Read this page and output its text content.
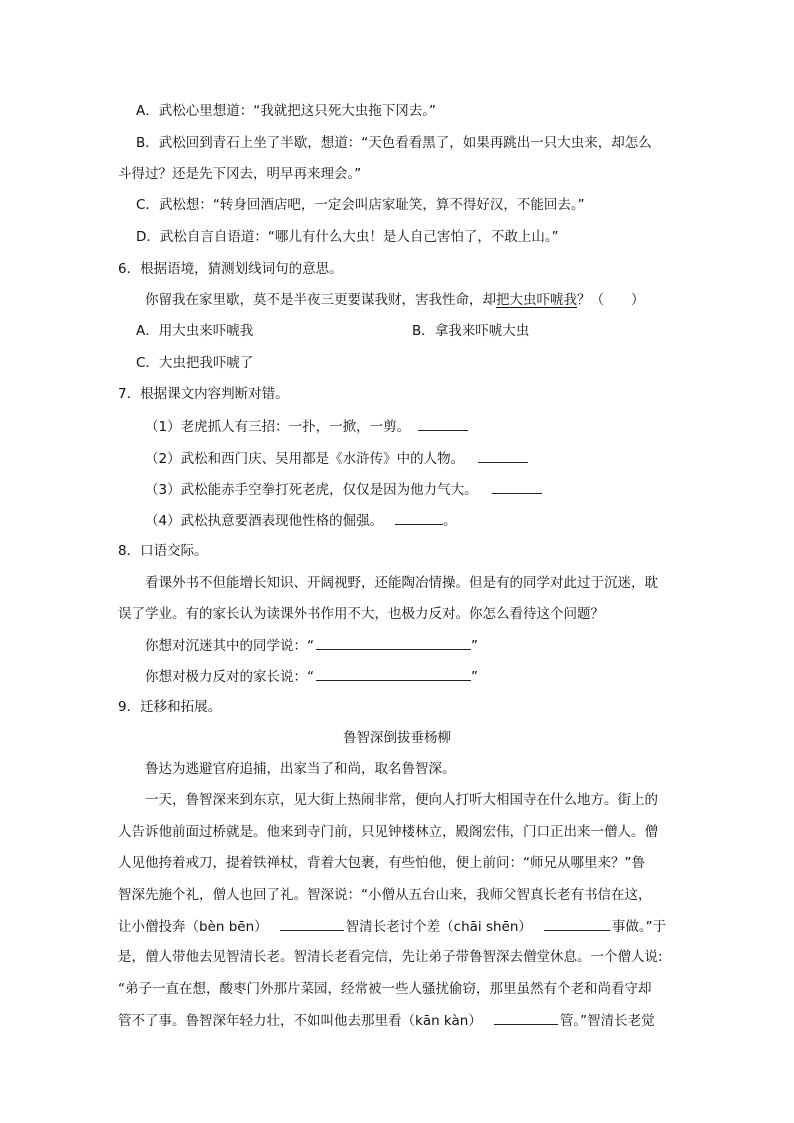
A．武松心里想道：“我就把这只死大虫拖下冈去。”
B．武松回到青石上坐了半歇，想道：“天色看看黑了，如果再跳出一只大虫来，却怎么
斗得过？还是先下冈去，明早再来理会。”
C．武松想：“转身回酒店吧，一定会叫店家耻笑，算不得好汉，不能回去。”
D．武松自言自语道：“哪儿有什么大虫！是人自己害怕了，不敢上山。”
6．根据语境，猜测划线词句的意思。
你留我在家里歇，莫不是半夜三更要谋我财，害我性命，却把大虫吓唬我？（　　）
A．用大虫来吓唬我	B．拿我来吓唬大虫
C．大虫把我吓唬了
7．根据课文内容判断对错。
（1）老虎抓人有三招：一扑，一掀，一剪。
（2）武松和西门庆、吴用都是《水浒传》中的人物。
（3）武松能赤手空拳打死老虎，仅仅是因为他力气大。
（4）武松执意要酒表现他性格的倔强。	。
8．口语交际。
看课外书不但能增长知识、开阔视野，还能陶冶情操。但是有的同学对此过于沉迷，耽
误了学业。有的家长认为读课外书作用不大，也极力反对。你怎么看待这个问题？
你想对沉迷其中的同学说：“	”
你想对极力反对的家长说：“	”
9．迁移和拓展。
鲁智深倒拔垂杨柳
鲁达为逃避官府追捕，出家当了和尚，取名鲁智深。
一天，鲁智深来到东京，见大街上热闹非常，便向人打听大相国寺在什么地方。街上的
人告诉他前面过桥就是。他来到寺门前，只见钟楼林立，殿阁宏伟，门口正出来一僧人。僧
人见他挎着戒刀，提着铁禅杖，背着大包裹，有些怕他，便上前问：“师兄从哪里来？”鲁
智深先施个礼，僧人也回了礼。智深说：“小僧从五台山来，我师父智真长老有书信在这，
让小僧投奔（bèn bēn）	智清长老讨个差（chāi shēn）	事做。”于
是，僧人带他去见智清长老。智清长老看完信，先让弟子带鲁智深去僧堂休息。一个僧人说:
“弟子一直在想，酸枣门外那片菜园，经常被一些人骚扰偷窃，那里虽然有个老和尚看守却
管不了事。鲁智深年轻力壮，不如叫他去那里看（kān kàn）	管。”智清长老觉
